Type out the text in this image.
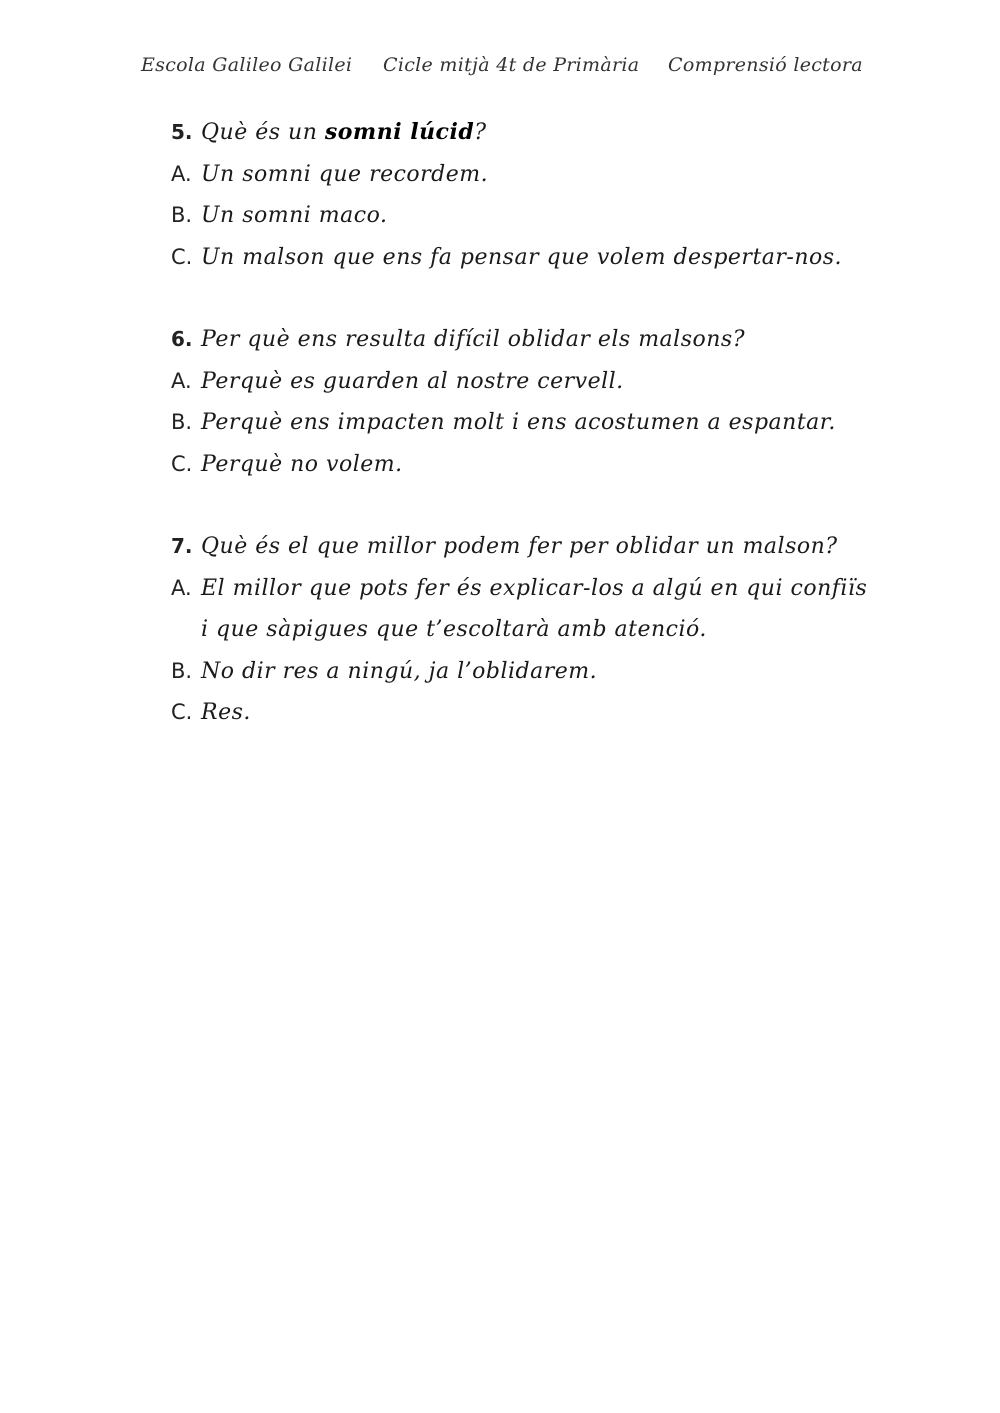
Escola Galileo Galilei Cicle mitjà 4t de Primària Comprensió lectora
5. Què és un somni lúcid?
A. Un somni que recordem.
B. Un somni maco.
C. Un malson que ens fa pensar que volem despertar-nos.
6. Per què ens resulta difícil oblidar els malsons?
A. Perquè es guarden al nostre cervell.
B. Perquè ens impacten molt i ens acostumen a espantar.
C. Perquè no volem.
7. Què és el que millor podem fer per oblidar un malson?
A. El millor que pots fer és explicar-los a algú en qui confiïs
i que sàpigues que t’escoltarà amb atenció.
B. No dir res a ningú, ja l’oblidarem.
C. Res.
